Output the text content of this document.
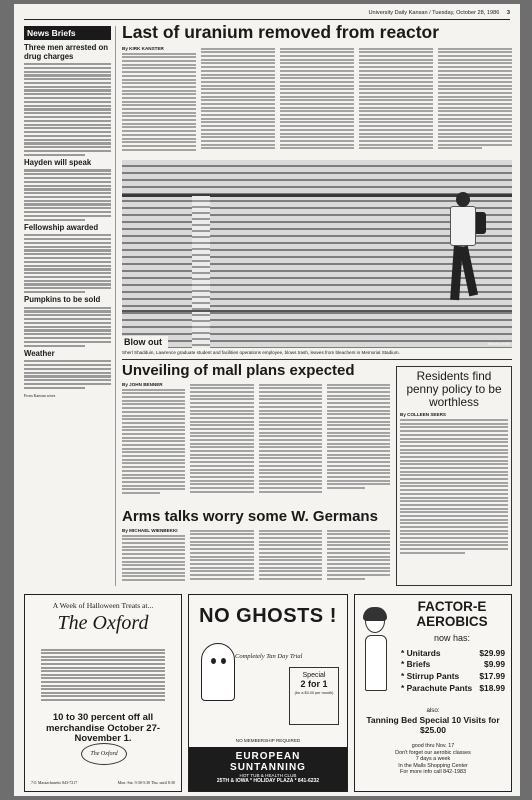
University Daily Kansan / Tuesday, October 28, 1986 3
News Briefs
Three men arrested on drug charges
Hayden will speak
Fellowship awarded
Pumpkins to be sold
Weather
From Kansan wires
Last of uranium removed from reactor
By KIRK KANSTER
Blow out	Kansan photo
Sherl Shadduin, Lawrence graduate student and facilities operations employee, blows trash, leaves from bleachers in Memorial Stadium.
Unveiling of mall plans expected
By JOHN BENNER
Arms talks worry some W. Germans
By MICHAEL WIENBEKKI
Residents find penny policy to be worthless
By COLLEEN SEERS
A Week of Halloween Treats at...
The Oxford
10 to 30 percent off all merchandise October 27-November 1.
The Oxford
711 Massachusetts 843-7217	Mon.-Sat. 9:30-5:30 Thu. until 8:30
NO GHOSTS !
Completely Tan Day Trial
Special
2 for 1
(for a $3.00 per month)
NO MEMBERSHIP REQUIRED
EUROPEAN
SUNTANNING
HOT TUB & HEALTH CLUB
25TH & IOWA * HOLIDAY PLAZA * 841-6232
FACTOR-E AEROBICS
now has:
* Unitards	$29.99
* Briefs	$9.99
* Stirrup Pants	$17.99
* Parachute Pants	$18.99
also:
Tanning Bed Special 10 Visits for $25.00
good thru Nov. 17
Don't forget our aerobic classes
7 days a week
In the Malls Shopping Center
For more info call 842-1983
